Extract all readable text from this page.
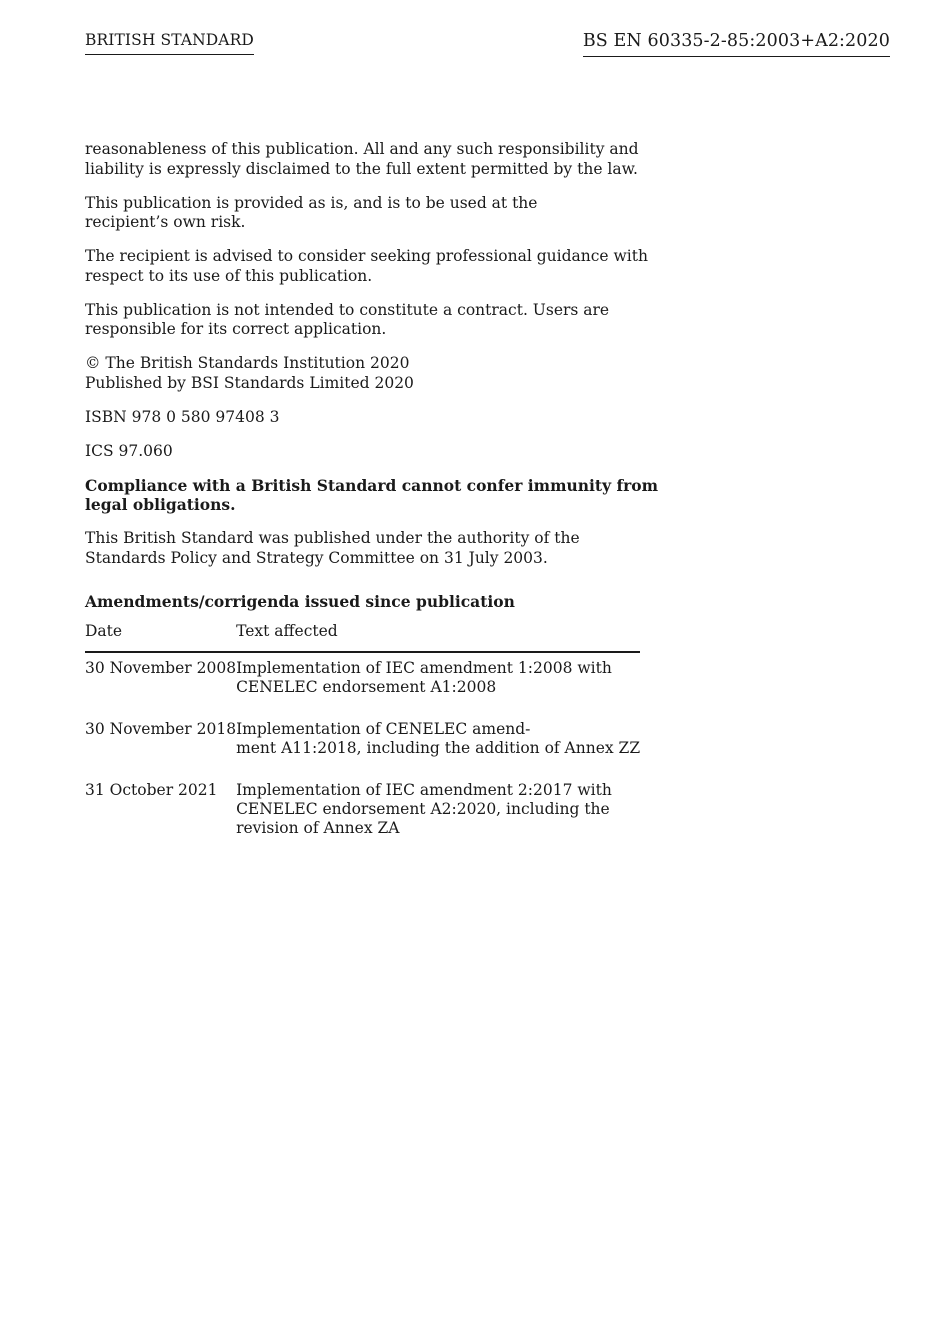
BRITISH STANDARD	BS EN 60335-2-85:2003+A2:2020

reasonableness of this publication. All and any such responsibility and
liability is expressly disclaimed to the full extent permitted by the law.

This publication is provided as is, and is to be used at the
recipient’s own risk.

The recipient is advised to consider seeking professional guidance with
respect to its use of this publication.

This publication is not intended to constitute a contract. Users are
responsible for its correct application.

© The British Standards Institution 2020
Published by BSI Standards Limited 2020

ISBN 978 0 580 97408 3

ICS 97.060

Compliance with a British Standard cannot confer immunity from
legal obligations.

This British Standard was published under the authority of the
Standards Policy and Strategy Committee on 31 July 2003.

Amendments/corrigenda issued since publication
Date	Text affected
30 November 2008	Implementation of IEC amendment 1:2008 with
CENELEC endorsement A1:2008

30 November 2018	Implementation of CENELEC amend-
ment A11:2018, including the addition of Annex ZZ

31 October 2021	Implementation of IEC amendment 2:2017 with
CENELEC endorsement A2:2020, including the
revision of Annex ZA
